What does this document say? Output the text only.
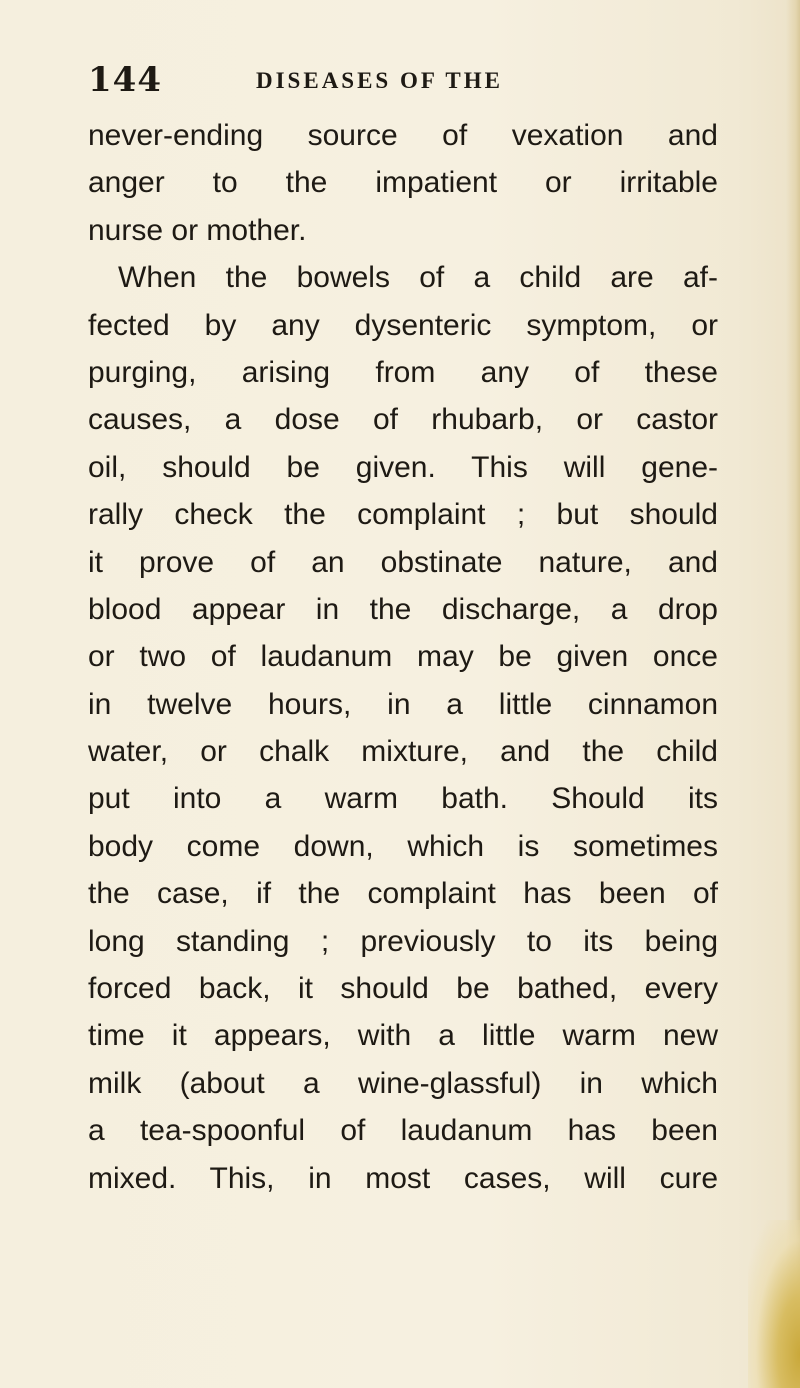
144	DISEASES OF THE
never-ending source of vexation and
anger to the impatient or irritable
nurse or mother.
When the bowels of a child are af-
fected by any dysenteric symptom, or
purging, arising from any of these
causes, a dose of rhubarb, or castor
oil, should be given. This will gene-
rally check the complaint ; but should
it prove of an obstinate nature, and
blood appear in the discharge, a drop
or two of laudanum may be given once
in twelve hours, in a little cinnamon
water, or chalk mixture, and the child
put into a warm bath. Should its
body come down, which is sometimes
the case, if the complaint has been of
long standing ; previously to its being
forced back, it should be bathed, every
time it appears, with a little warm new
milk (about a wine-glassful) in which
a tea-spoonful of laudanum has been
mixed. This, in most cases, will cure
